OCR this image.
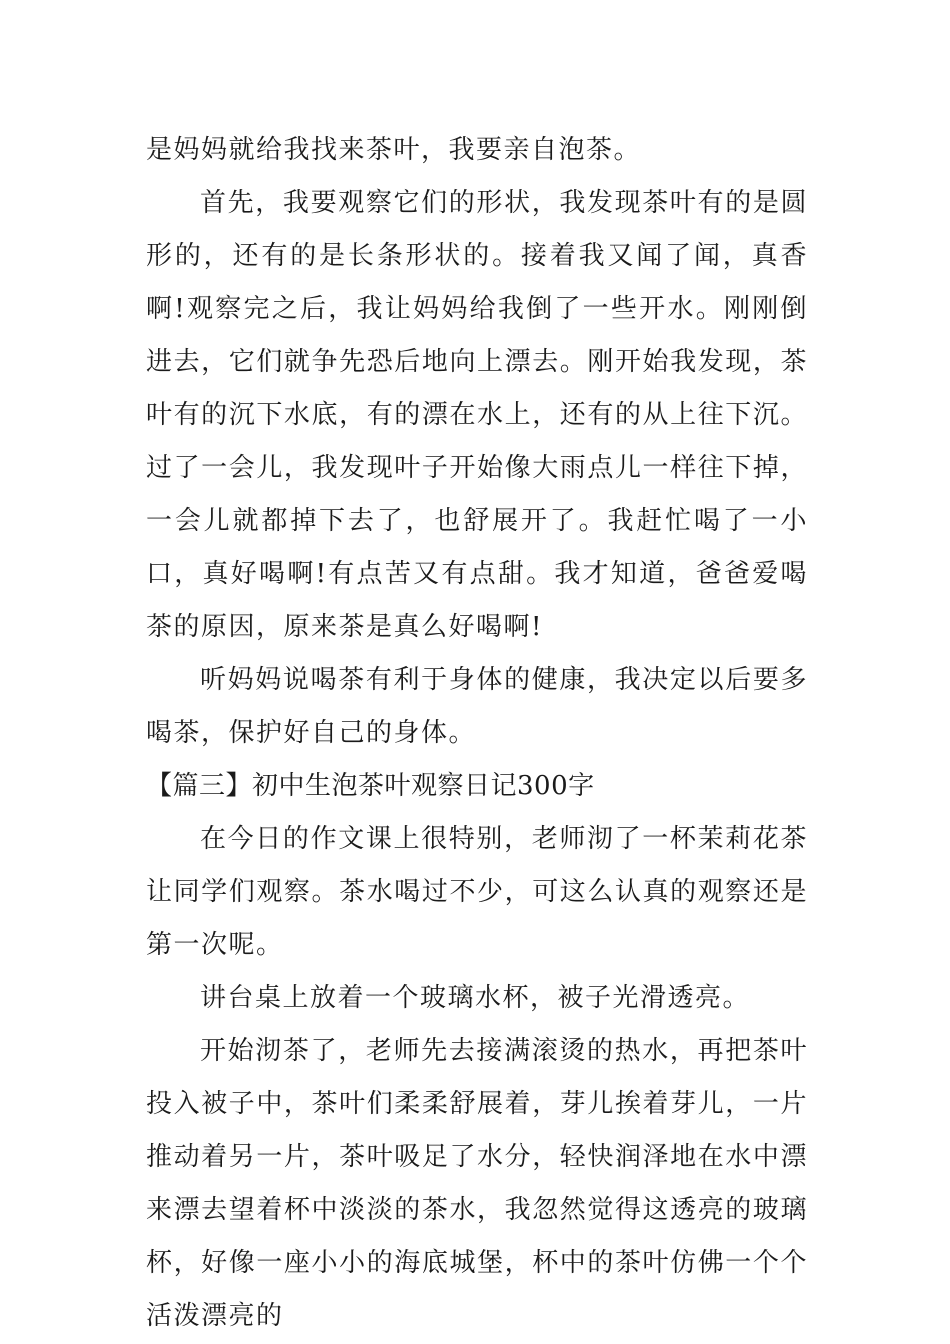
是妈妈就给我找来茶叶，我要亲自泡茶。

首先，我要观察它们的形状，我发现茶叶有的是圆形的，还有的是长条形状的。接着我又闻了闻，真香啊!观察完之后，我让妈妈给我倒了一些开水。刚刚倒进去，它们就争先恐后地向上漂去。刚开始我发现，茶叶有的沉下水底，有的漂在水上，还有的从上往下沉。过了一会儿，我发现叶子开始像大雨点儿一样往下掉，一会儿就都掉下去了，也舒展开了。我赶忙喝了一小口，真好喝啊!有点苦又有点甜。我才知道，爸爸爱喝茶的原因，原来茶是真么好喝啊!

听妈妈说喝茶有利于身体的健康，我决定以后要多喝茶，保护好自己的身体。

【篇三】初中生泡茶叶观察日记300字

在今日的作文课上很特别，老师沏了一杯茉莉花茶让同学们观察。茶水喝过不少，可这么认真的观察还是第一次呢。

讲台桌上放着一个玻璃水杯，被子光滑透亮。

开始沏茶了，老师先去接满滚烫的热水，再把茶叶投入被子中，茶叶们柔柔舒展着，芽儿挨着芽儿，一片推动着另一片，茶叶吸足了水分，轻快润泽地在水中漂来漂去望着杯中淡淡的茶水，我忽然觉得这透亮的玻璃杯，好像一座小小的海底城堡，杯中的茶叶仿佛一个个活泼漂亮的
